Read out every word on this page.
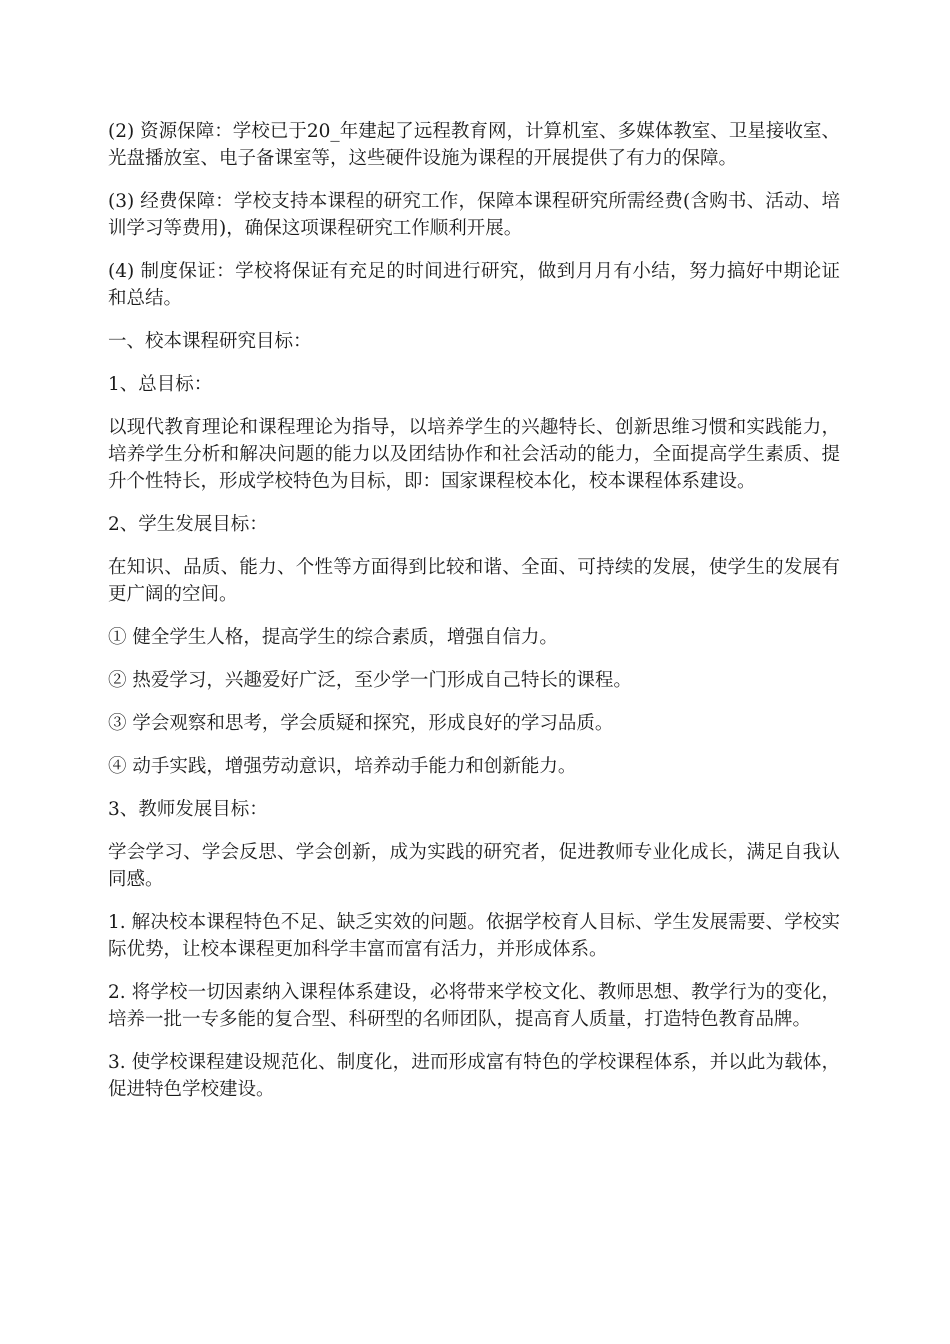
(2) 资源保障：学校已于20_年建起了远程教育网，计算机室、多媒体教室、卫星接收室、光盘播放室、电子备课室等，这些硬件设施为课程的开展提供了有力的保障。

(3) 经费保障：学校支持本课程的研究工作，保障本课程研究所需经费(含购书、活动、培训学习等费用)，确保这项课程研究工作顺利开展。

(4) 制度保证：学校将保证有充足的时间进行研究，做到月月有小结，努力搞好中期论证和总结。

一、校本课程研究目标：

1、总目标：

以现代教育理论和课程理论为指导，以培养学生的兴趣特长、创新思维习惯和实践能力，培养学生分析和解决问题的能力以及团结协作和社会活动的能力，全面提高学生素质、提升个性特长，形成学校特色为目标，即：国家课程校本化，校本课程体系建设。

2、学生发展目标：

在知识、品质、能力、个性等方面得到比较和谐、全面、可持续的发展，使学生的发展有更广阔的空间。

① 健全学生人格，提高学生的综合素质，增强自信力。

② 热爱学习，兴趣爱好广泛，至少学一门形成自己特长的课程。

③ 学会观察和思考，学会质疑和探究，形成良好的学习品质。

④ 动手实践，增强劳动意识，培养动手能力和创新能力。

3、教师发展目标：

学会学习、学会反思、学会创新，成为实践的研究者，促进教师专业化成长，满足自我认同感。

1. 解决校本课程特色不足、缺乏实效的问题。依据学校育人目标、学生发展需要、学校实际优势，让校本课程更加科学丰富而富有活力，并形成体系。

2. 将学校一切因素纳入课程体系建设，必将带来学校文化、教师思想、教学行为的变化，培养一批一专多能的复合型、科研型的名师团队，提高育人质量，打造特色教育品牌。

3. 使学校课程建设规范化、制度化，进而形成富有特色的学校课程体系，并以此为载体，促进特色学校建设。
